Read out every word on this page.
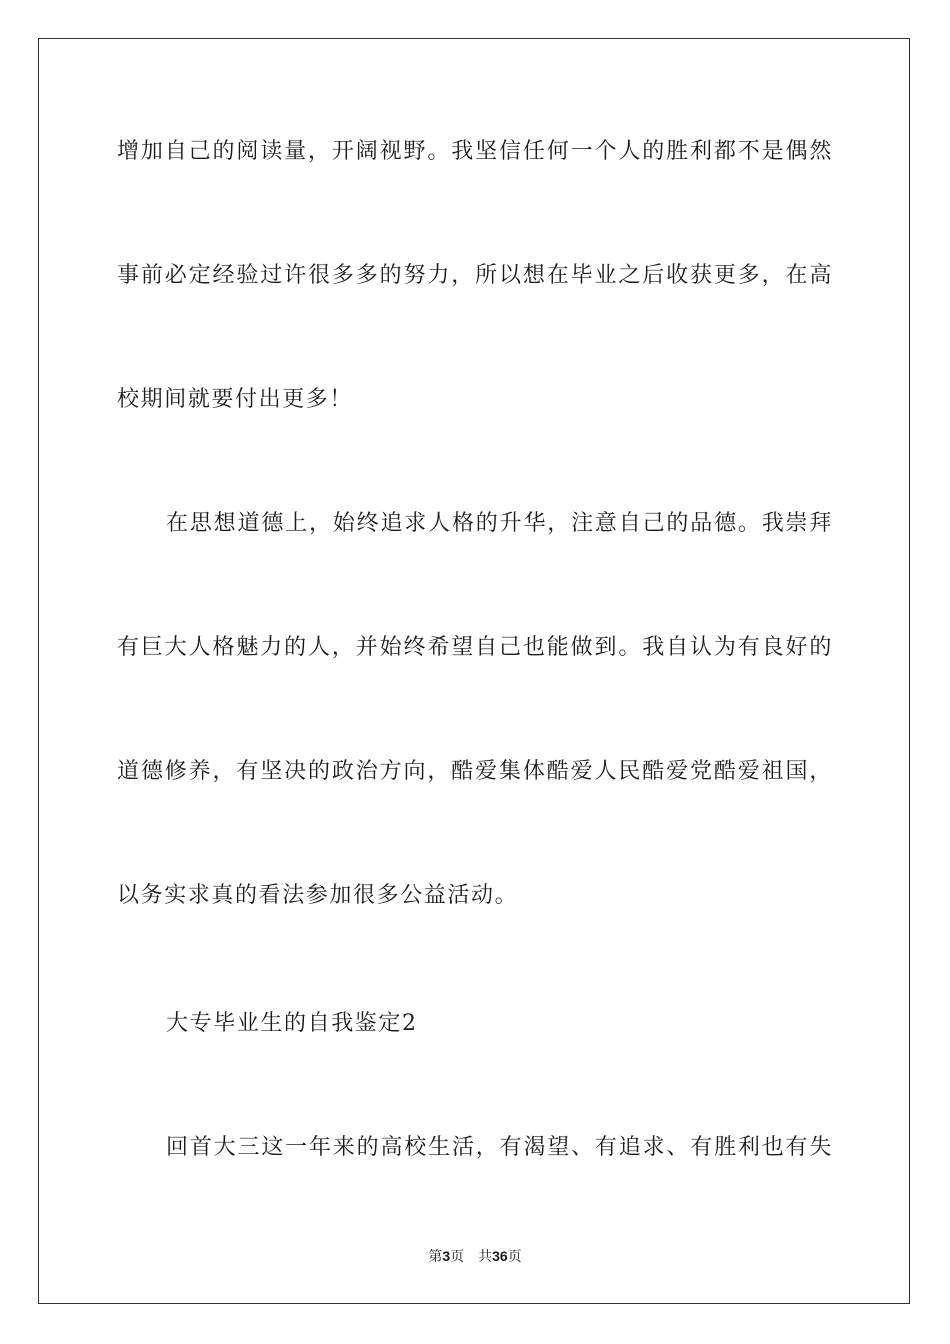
增加自己的阅读量，开阔视野。我坚信任何一个人的胜利都不是偶然
事前必定经验过许很多多的努力，所以想在毕业之后收获更多，在高
校期间就要付出更多！
在思想道德上，始终追求人格的升华，注意自己的品德。我崇拜
有巨大人格魅力的人，并始终希望自己也能做到。我自认为有良好的
道德修养，有坚决的政治方向，酷爱集体酷爱人民酷爱党酷爱祖国，
以务实求真的看法参加很多公益活动。
大专毕业生的自我鉴定2
回首大三这一年来的高校生活，有渴望、有追求、有胜利也有失
第3页 共36页
